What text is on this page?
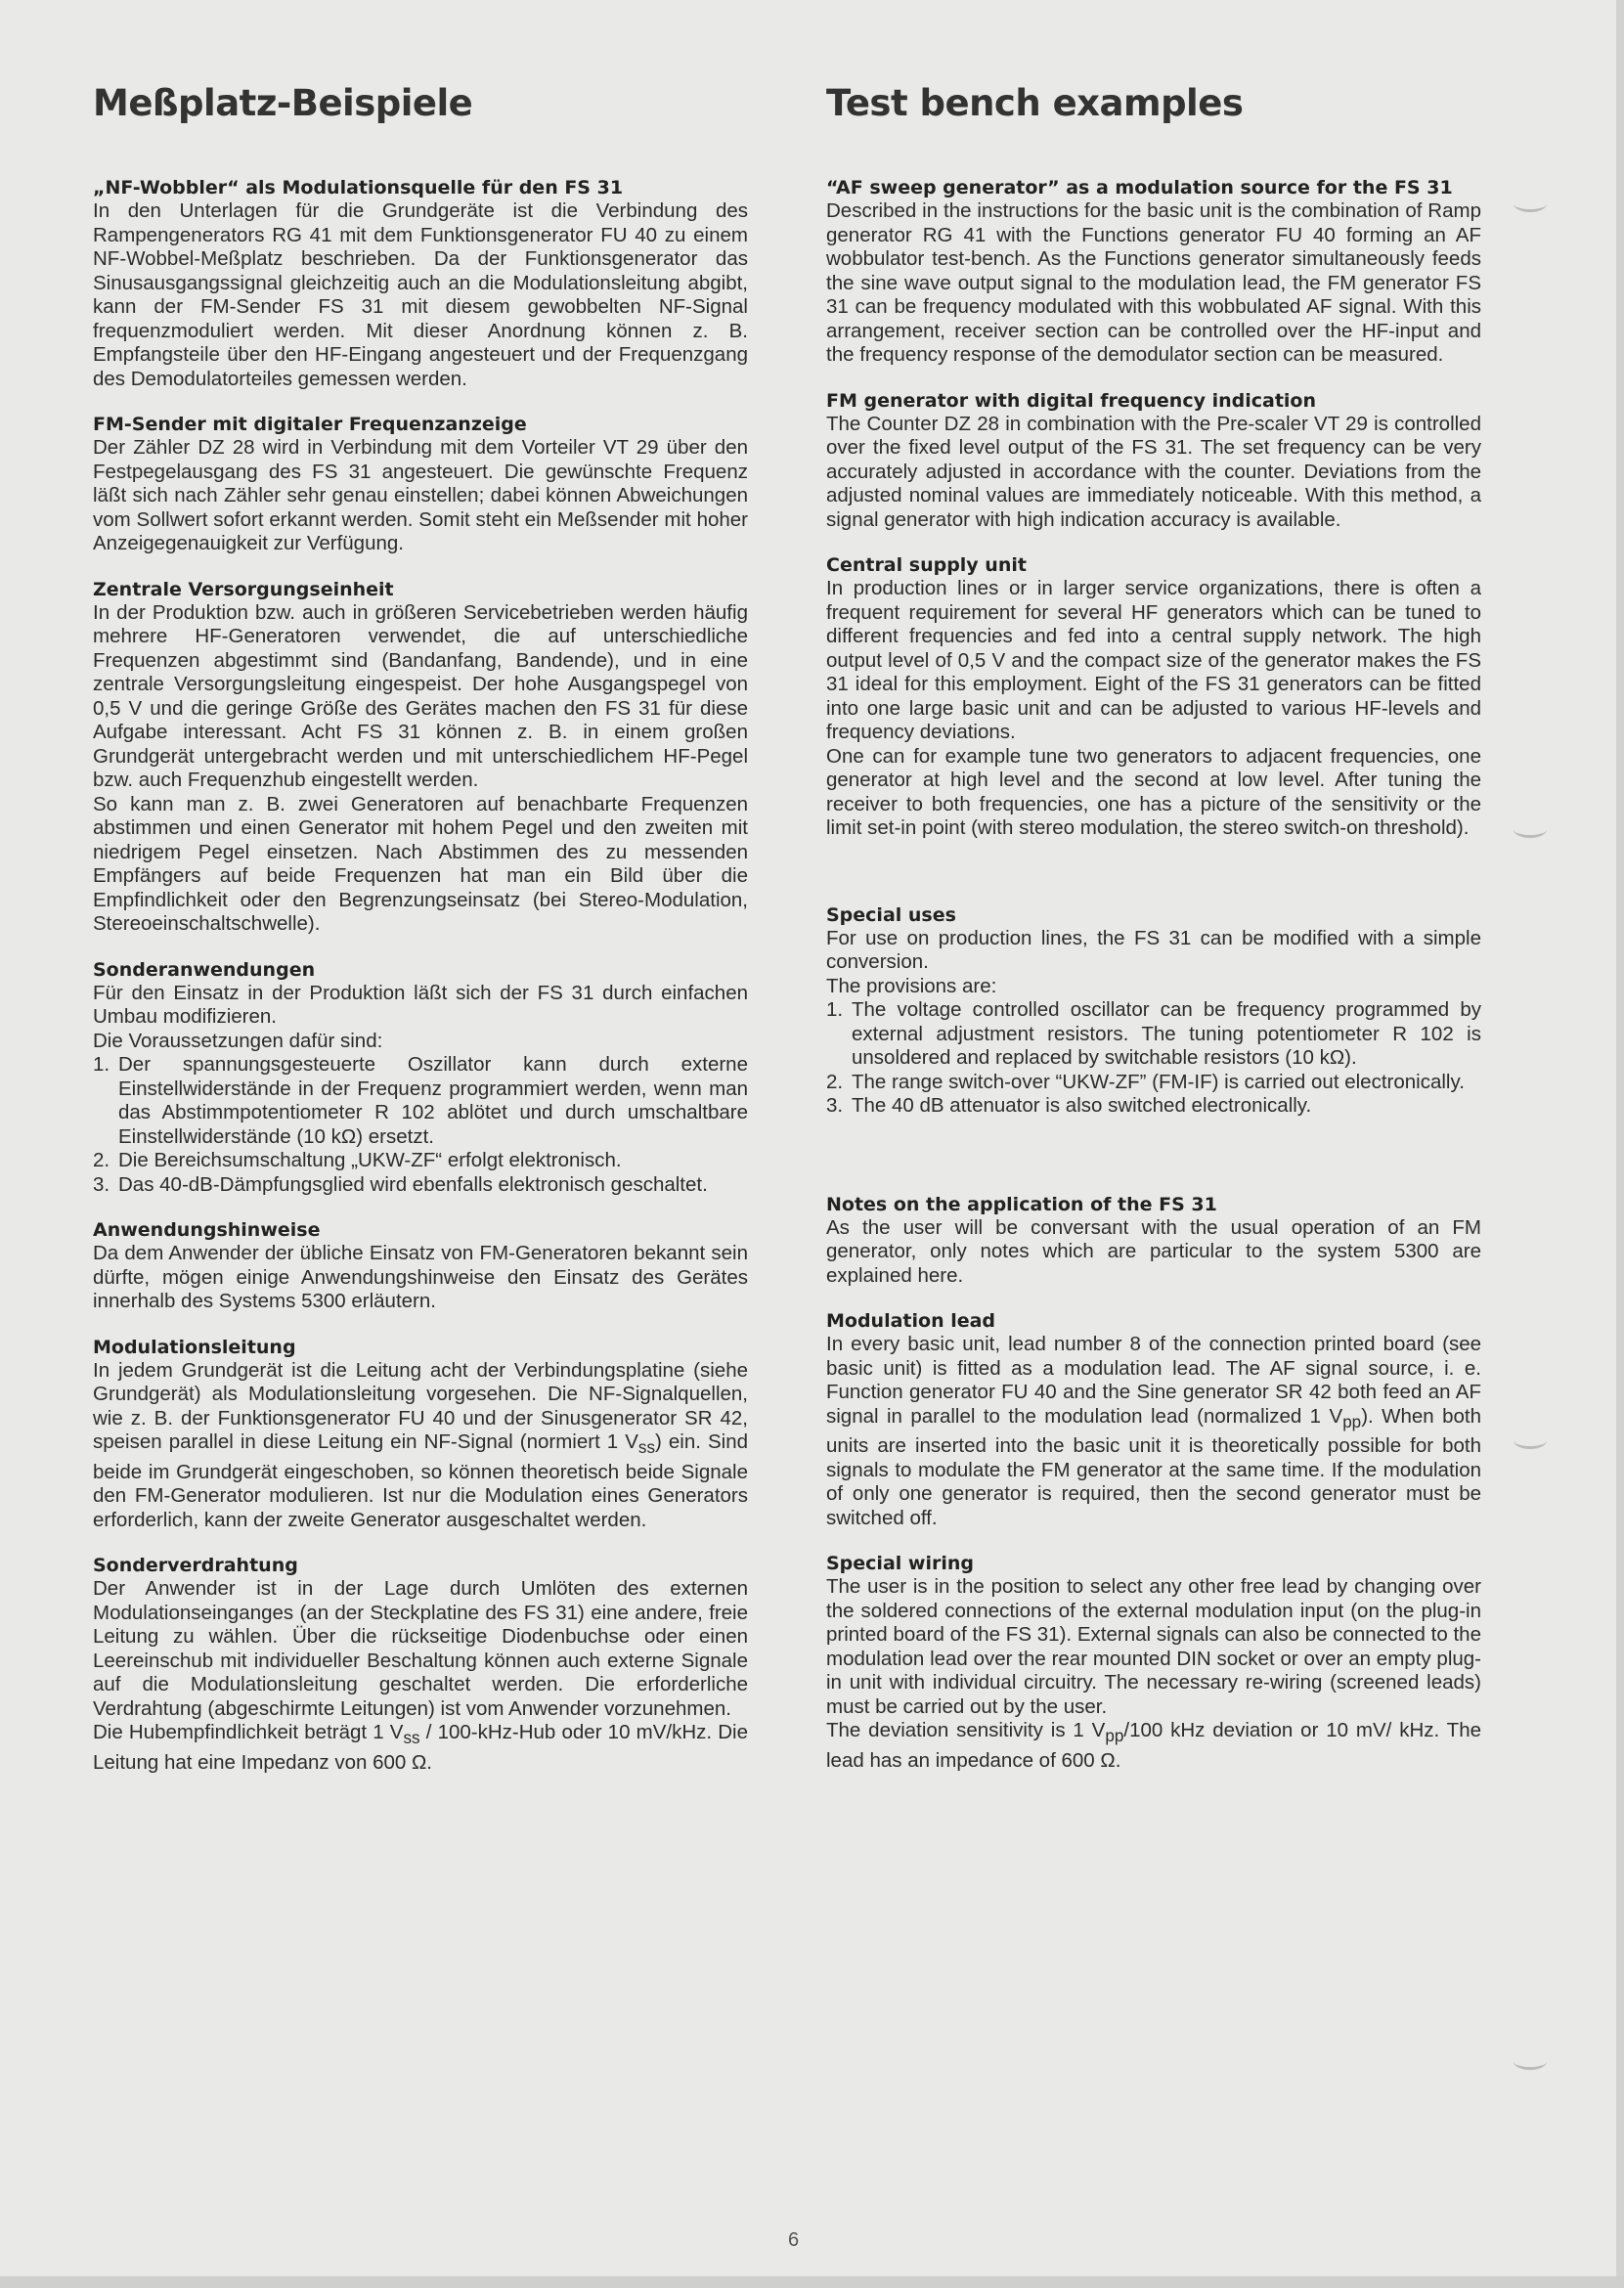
Meßplatz-Beispiele	Test bench examples
„NF-Wobbler“ als Modulationsquelle für den FS 31

In den Unterlagen für die Grundgeräte ist die Verbindung des Rampengenerators RG 41 mit dem Funktionsgenerator FU 40 zu einem NF-Wobbel-Meßplatz beschrieben. Da der Funktionsgenerator das Sinusausgangssignal gleichzeitig auch an die Modulationsleitung abgibt, kann der FM-Sender FS 31 mit diesem gewobbelten NF-Signal frequenzmoduliert werden. Mit dieser Anordnung können z. B. Empfangsteile über den HF-Eingang angesteuert und der Frequenzgang des Demodulatorteiles gemessen werden.

FM-Sender mit digitaler Frequenzanzeige

Der Zähler DZ 28 wird in Verbindung mit dem Vorteiler VT 29 über den Festpegelausgang des FS 31 angesteuert. Die gewünschte Frequenz läßt sich nach Zähler sehr genau einstellen; dabei können Abweichungen vom Sollwert sofort erkannt werden. Somit steht ein Meßsender mit hoher Anzeigegenauigkeit zur Verfügung.

Zentrale Versorgungseinheit

In der Produktion bzw. auch in größeren Servicebetrieben werden häufig mehrere HF-Generatoren verwendet, die auf unterschiedliche Frequenzen abgestimmt sind (Bandanfang, Bandende), und in eine zentrale Versorgungsleitung eingespeist. Der hohe Ausgangspegel von 0,5 V und die geringe Größe des Gerätes machen den FS 31 für diese Aufgabe interessant. Acht FS 31 können z. B. in einem großen Grundgerät untergebracht werden und mit unterschiedlichem HF-Pegel bzw. auch Frequenzhub eingestellt werden.

So kann man z. B. zwei Generatoren auf benachbarte Frequenzen abstimmen und einen Generator mit hohem Pegel und den zweiten mit niedrigem Pegel einsetzen. Nach Abstimmen des zu messenden Empfängers auf beide Frequenzen hat man ein Bild über die Empfindlichkeit oder den Begrenzungseinsatz (bei Stereo-Modulation, Stereoeinschaltschwelle).

Sonderanwendungen

Für den Einsatz in der Produktion läßt sich der FS 31 durch einfachen Umbau modifizieren.

Die Voraussetzungen dafür sind:

1. Der spannungsgesteuerte Oszillator kann durch externe Einstellwiderstände in der Frequenz programmiert werden, wenn man das Abstimmpotentiometer R 102 ablötet und durch umschaltbare Einstellwiderstände (10 kΩ) ersetzt.
2. Die Bereichsumschaltung „UKW-ZF“ erfolgt elektronisch.
3. Das 40-dB-Dämpfungsglied wird ebenfalls elektronisch geschaltet.
Anwendungshinweise

Da dem Anwender der übliche Einsatz von FM-Generatoren bekannt sein dürfte, mögen einige Anwendungshinweise den Einsatz des Gerätes innerhalb des Systems 5300 erläutern.

Modulationsleitung

In jedem Grundgerät ist die Leitung acht der Verbindungsplatine (siehe Grundgerät) als Modulationsleitung vorgesehen. Die NF-Signalquellen, wie z. B. der Funktionsgenerator FU 40 und der Sinusgenerator SR 42, speisen parallel in diese Leitung ein NF-Signal (normiert 1 $V_{ss}$) ein. Sind beide im Grundgerät eingeschoben, so können theoretisch beide Signale den FM-Generator modulieren. Ist nur die Modulation eines Generators erforderlich, kann der zweite Generator ausgeschaltet werden.

Sonderverdrahtung

Der Anwender ist in der Lage durch Umlöten des externen Modulationseinganges (an der Steckplatine des FS 31) eine andere, freie Leitung zu wählen. Über die rückseitige Diodenbuchse oder einen Leereinschub mit individueller Beschaltung können auch externe Signale auf die Modulationsleitung geschaltet werden. Die erforderliche Verdrahtung (abgeschirmte Leitungen) ist vom Anwender vorzunehmen.

Die Hubempfindlichkeit beträgt 1 $V_{ss} / 100-kHz-Hub$ oder 10 mV/kHz. Die Leitung hat eine Impedanz von 600 Ω.

“AF sweep generator” as a modulation source for the FS 31

Described in the instructions for the basic unit is the combination of Ramp generator RG 41 with the Functions generator FU 40 forming an AF wobbulator test-bench. As the Functions generator simultaneously feeds the sine wave output signal to the modulation lead, the FM generator FS 31 can be frequency modulated with this wobbulated AF signal. With this arrangement, receiver section can be controlled over the HF-input and the frequency response of the demodulator section can be measured.

FM generator with digital frequency indication

The Counter DZ 28 in combination with the Pre-scaler VT 29 is controlled over the fixed level output of the FS 31. The set frequency can be very accurately adjusted in accordance with the counter. Deviations from the adjusted nominal values are immediately noticeable. With this method, a signal generator with high indication accuracy is available.

Central supply unit

In production lines or in larger service organizations, there is often a frequent requirement for several HF generators which can be tuned to different frequencies and fed into a central supply network. The high output level of 0,5 V and the compact size of the generator makes the FS 31 ideal for this employment. Eight of the FS 31 generators can be fitted into one large basic unit and can be adjusted to various HF-levels and frequency deviations.

One can for example tune two generators to adjacent frequencies, one generator at high level and the second at low level. After tuning the receiver to both frequencies, one has a picture of the sensitivity or the limit set-in point (with stereo modulation, the stereo switch-on threshold).

Special uses

For use on production lines, the FS 31 can be modified with a simple conversion.

The provisions are:

1. The voltage controlled oscillator can be frequency programmed by external adjustment resistors. The tuning potentiometer R 102 is unsoldered and replaced by switchable resistors (10 kΩ).
2. The range switch-over “UKW-ZF” (FM-IF) is carried out electronically.
3. The 40 dB attenuator is also switched electronically.
Notes on the application of the FS 31

As the user will be conversant with the usual operation of an FM generator, only notes which are particular to the system 5300 are explained here.

Modulation lead

In every basic unit, lead number 8 of the connection printed board (see basic unit) is fitted as a modulation lead. The AF signal source, i. e. Function generator FU 40 and the Sine generator SR 42 both feed an AF signal in parallel to the modulation lead (normalized 1 $V_{pp}$). When both units are inserted into the basic unit it is theoretically possible for both signals to modulate the FM generator at the same time. If the modulation of only one generator is required, then the second generator must be switched off.

Special wiring

The user is in the position to select any other free lead by changing over the soldered connections of the external modulation input (on the plug-in printed board of the FS 31). External signals can also be connected to the modulation lead over the rear mounted DIN socket or over an empty plug-in unit with individual circuitry. The necessary re-wiring (screened leads) must be carried out by the user.

The deviation sensitivity is 1 $V_{pp}/100$ kHz deviation or 10 mV/ kHz. The lead has an impedance of 600 Ω.

6
